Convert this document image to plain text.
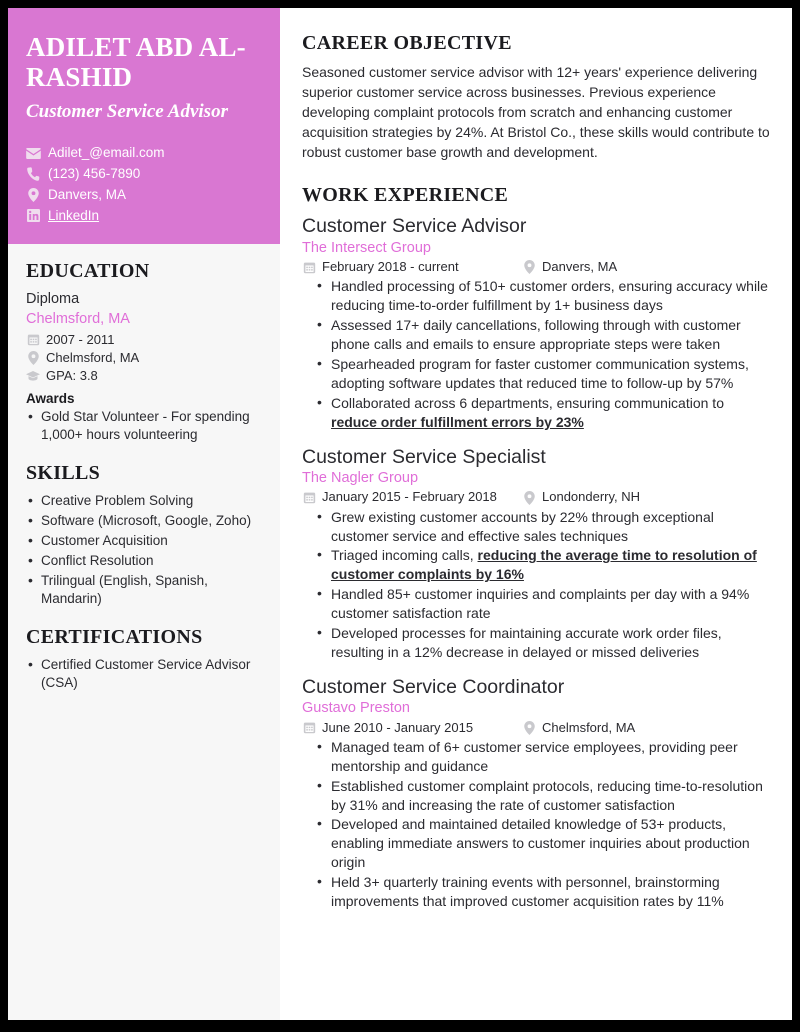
ADILET ABD AL-RASHID
Customer Service Advisor
Adilet_@email.com
(123) 456-7890
Danvers, MA
LinkedIn
EDUCATION
Diploma
Chelmsford, MA
2007 - 2011
Chelmsford, MA
GPA: 3.8
Awards
• Gold Star Volunteer - For spending 1,000+ hours volunteering
SKILLS
• Creative Problem Solving
• Software (Microsoft, Google, Zoho)
• Customer Acquisition
• Conflict Resolution
• Trilingual (English, Spanish, Mandarin)
CERTIFICATIONS
• Certified Customer Service Advisor (CSA)
CAREER OBJECTIVE

Seasoned customer service advisor with 12+ years' experience delivering superior customer service across businesses. Previous experience developing complaint protocols from scratch and enhancing customer acquisition strategies by 24%. At Bristol Co., these skills would contribute to robust customer base growth and development.

WORK EXPERIENCE
Customer Service Advisor
The Intersect Group
February 2018 - current	Danvers, MA
• Handled processing of 510+ customer orders, ensuring accuracy while reducing time-to-order fulfillment by 1+ business days
• Assessed 17+ daily cancellations, following through with customer phone calls and emails to ensure appropriate steps were taken
• Spearheaded program for faster customer communication systems, adopting software updates that reduced time to follow-up by 57%
• Collaborated across 6 departments, ensuring communication to reduce order fulfillment errors by 23%
Customer Service Specialist
The Nagler Group
January 2015 - February 2018	Londonderry, NH
• Grew existing customer accounts by 22% through exceptional customer service and effective sales techniques
• Triaged incoming calls, reducing the average time to resolution of customer complaints by 16%
• Handled 85+ customer inquiries and complaints per day with a 94% customer satisfaction rate
• Developed processes for maintaining accurate work order files, resulting in a 12% decrease in delayed or missed deliveries
Customer Service Coordinator
Gustavo Preston
June 2010 - January 2015	Chelmsford, MA
• Managed team of 6+ customer service employees, providing peer mentorship and guidance
• Established customer complaint protocols, reducing time-to-resolution by 31% and increasing the rate of customer satisfaction
• Developed and maintained detailed knowledge of 53+ products, enabling immediate answers to customer inquiries about production origin
• Held 3+ quarterly training events with personnel, brainstorming improvements that improved customer acquisition rates by 11%
